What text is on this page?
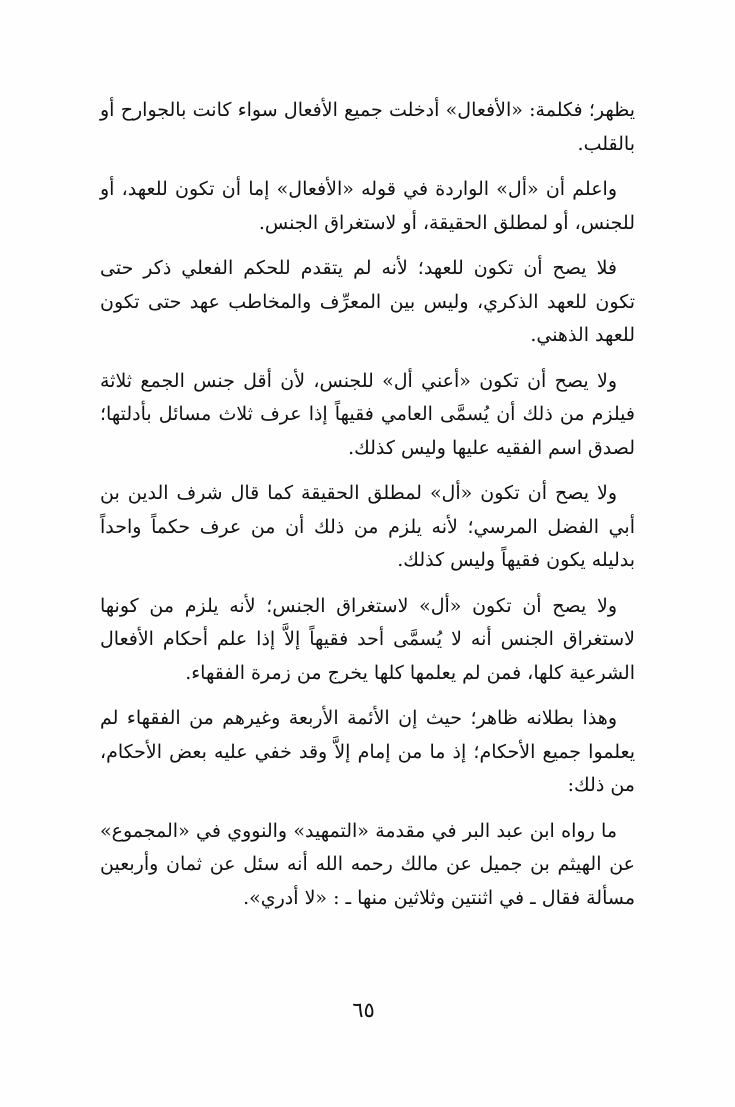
يظهر؛ فكلمة: «الأفعال» أدخلت جميع الأفعال سواء كانت بالجوارح أو بالقلب.

واعلم أن «أل» الواردة في قوله «الأفعال» إما أن تكون للعهد، أو للجنس، أو لمطلق الحقيقة، أو لاستغراق الجنس.

فلا يصح أن تكون للعهد؛ لأنه لم يتقدم للحكم الفعلي ذكر حتى تكون للعهد الذكري، وليس بين المعرِّف والمخاطب عهد حتى تكون للعهد الذهني.

ولا يصح أن تكون «أعني أل» للجنس، لأن أقل جنس الجمع ثلاثة فيلزم من ذلك أن يُسمَّى العامي فقيهاً إذا عرف ثلاث مسائل بأدلتها؛ لصدق اسم الفقيه عليها وليس كذلك.

ولا يصح أن تكون «أل» لمطلق الحقيقة كما قال شرف الدين بن أبي الفضل المرسي؛ لأنه يلزم من ذلك أن من عرف حكماً واحداً بدليله يكون فقيهاً وليس كذلك.

ولا يصح أن تكون «أل» لاستغراق الجنس؛ لأنه يلزم من كونها لاستغراق الجنس أنه لا يُسمَّى أحد فقيهاً إلاَّ إذا علم أحكام الأفعال الشرعية كلها، فمن لم يعلمها كلها يخرج من زمرة الفقهاء.

وهذا بطلانه ظاهر؛ حيث إن الأئمة الأربعة وغيرهم من الفقهاء لم يعلموا جميع الأحكام؛ إذ ما من إمام إلاَّ وقد خفي عليه بعض الأحكام، من ذلك:

ما رواه ابن عبد البر في مقدمة «التمهيد» والنووي في «المجموع» عن الهيثم بن جميل عن مالك رحمه الله أنه سئل عن ثمان وأربعين مسألة فقال ـ في اثنتين وثلاثين منها ـ : «لا أدري».

٦٥
